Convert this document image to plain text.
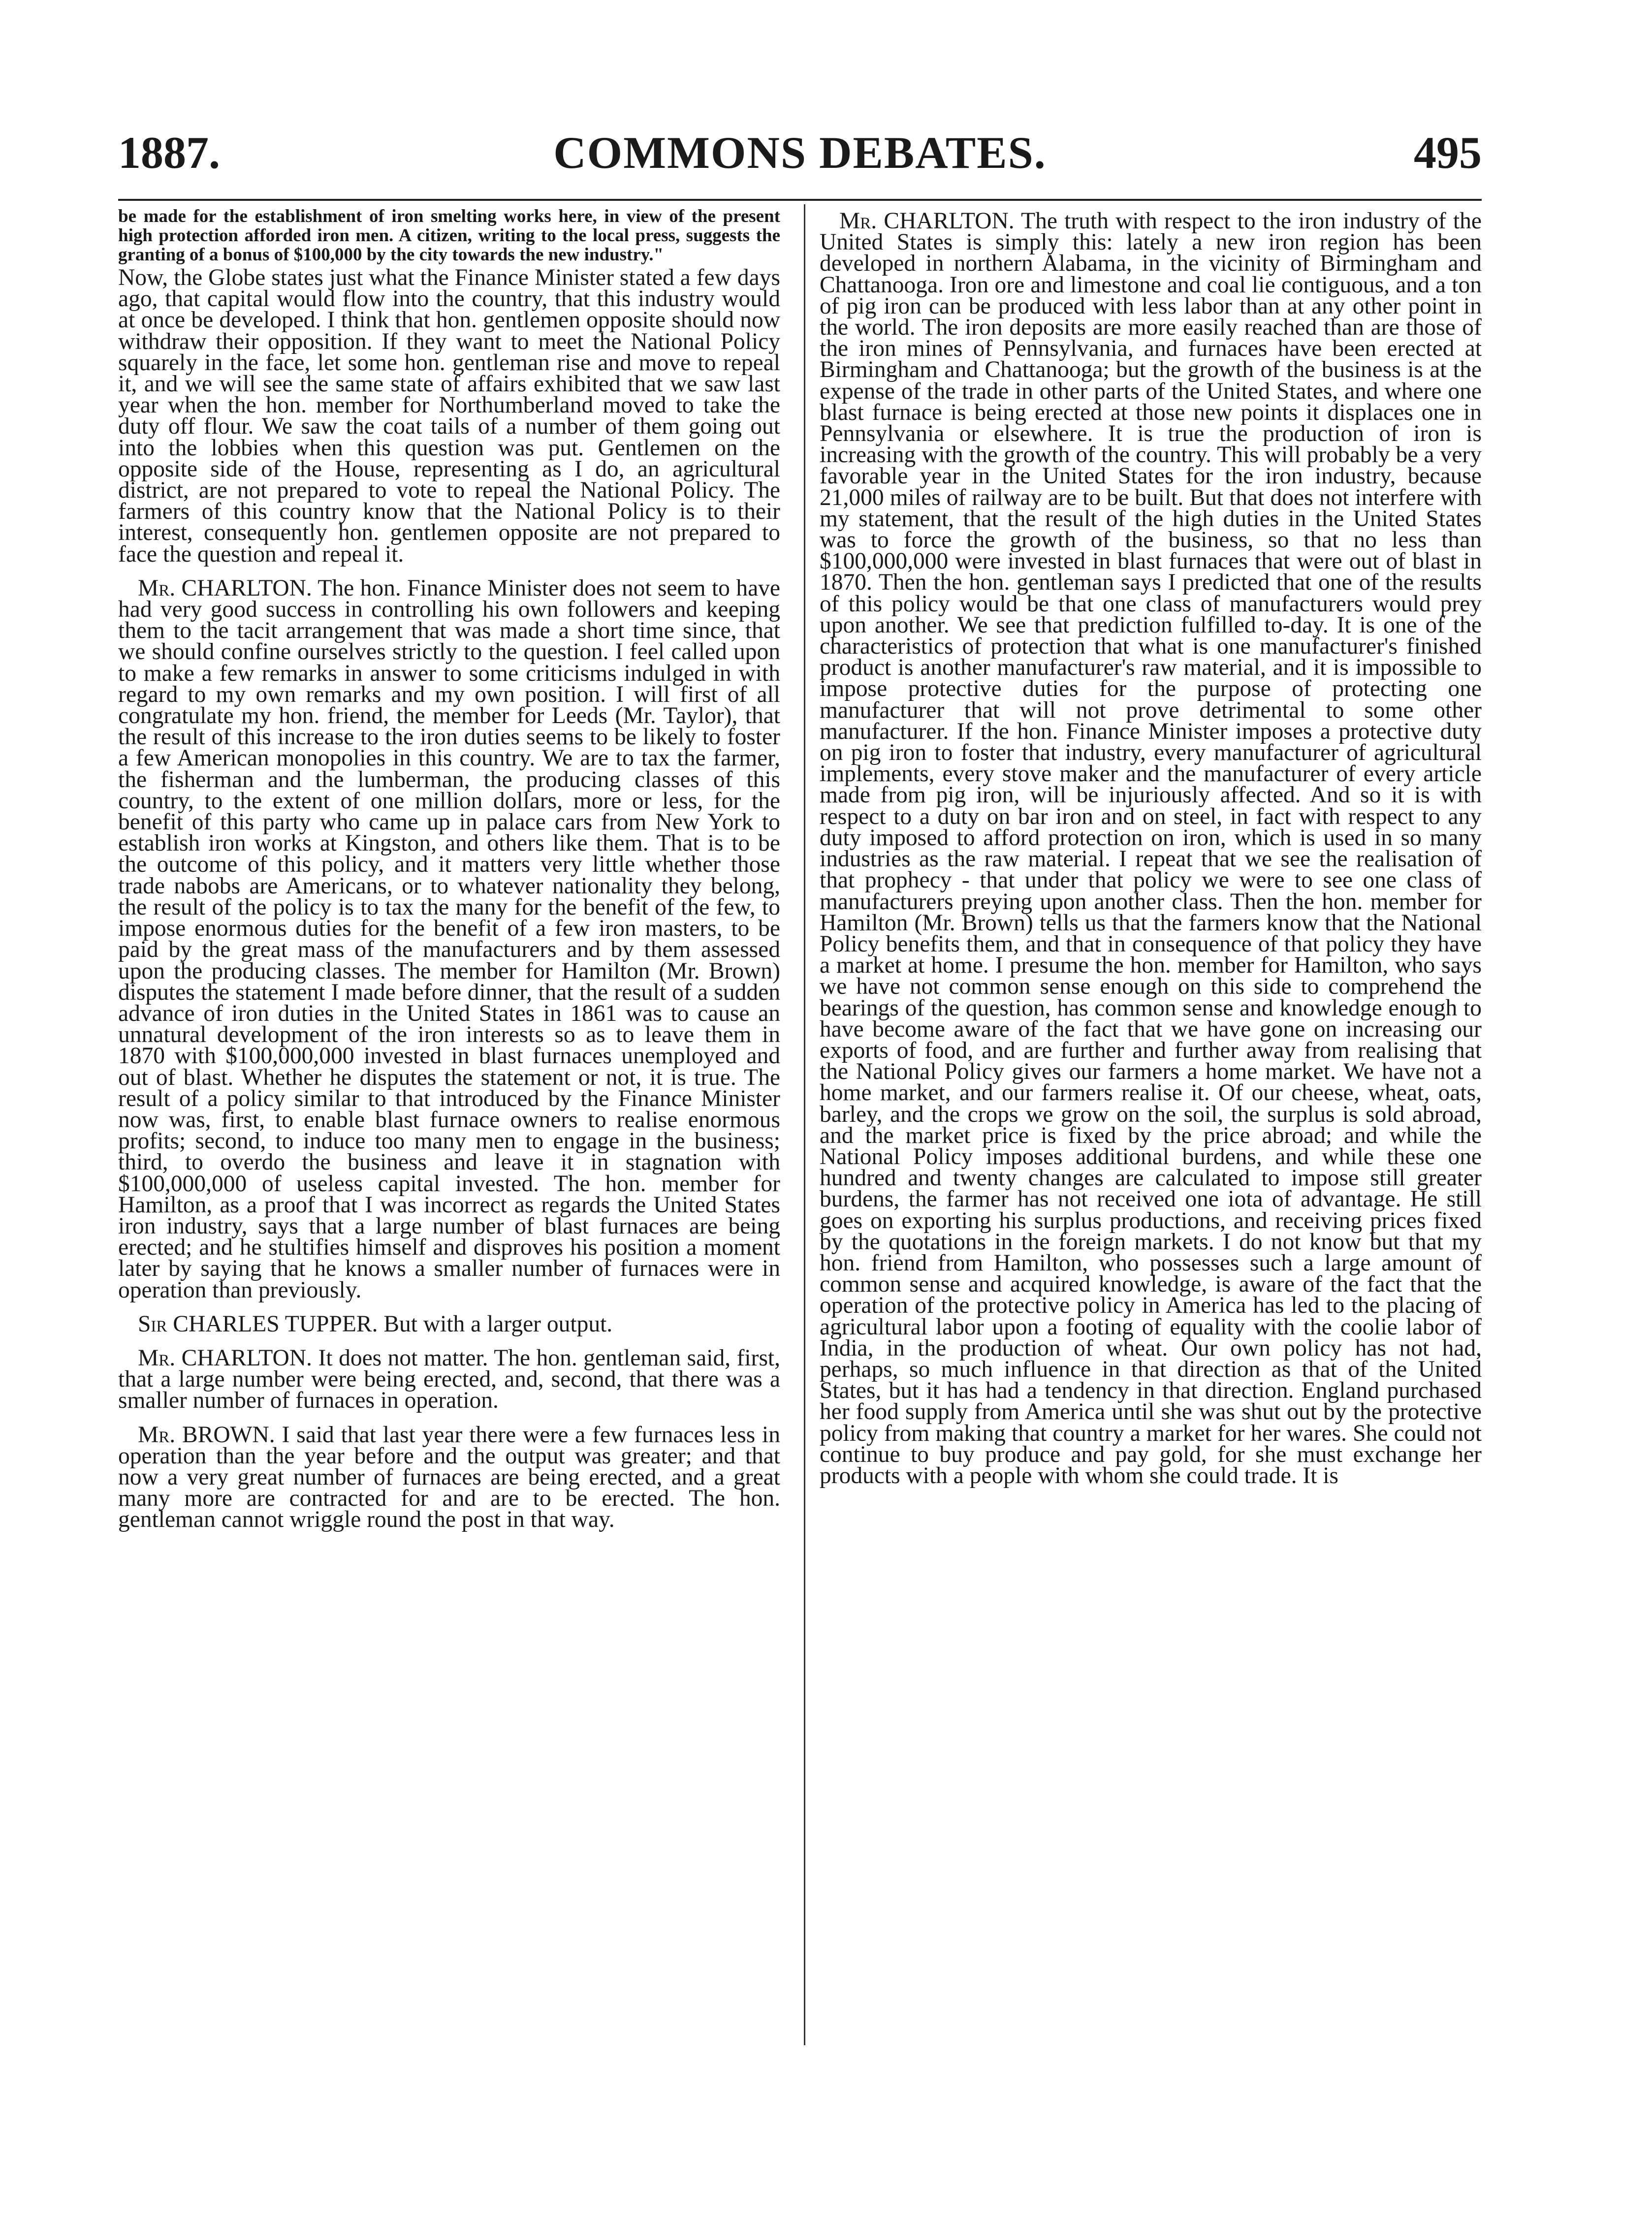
1887.	COMMONS DEBATES.	495

be made for the establishment of iron smelting works here, in view of the present high protection afforded iron men. A citizen, writing to the local press, suggests the granting of a bonus of $100,000 by the city towards the new industry."

Now, the Globe states just what the Finance Minister stated a few days ago, that capital would flow into the country, that this industry would at once be developed. I think that hon. gentlemen opposite should now withdraw their opposition. If they want to meet the National Policy squarely in the face, let some hon. gentleman rise and move to repeal it, and we will see the same state of affairs exhibited that we saw last year when the hon. member for Northumberland moved to take the duty off flour. We saw the coat tails of a number of them going out into the lobbies when this question was put. Gentlemen on the opposite side of the House, representing as I do, an agricultural district, are not prepared to vote to repeal the National Policy. The farmers of this country know that the National Policy is to their interest, consequently hon. gentlemen opposite are not prepared to face the question and repeal it.

Mr. CHARLTON. The hon. Finance Minister does not seem to have had very good success in controlling his own followers and keeping them to the tacit arrangement that was made a short time since, that we should confine ourselves strictly to the question. I feel called upon to make a few remarks in answer to some criticisms indulged in with regard to my own remarks and my own position. I will first of all congratulate my hon. friend, the member for Leeds (Mr. Taylor), that the result of this increase to the iron duties seems to be likely to foster a few American monopolies in this country. We are to tax the farmer, the fisherman and the lumberman, the producing classes of this country, to the extent of one million dollars, more or less, for the benefit of this party who came up in palace cars from New York to establish iron works at Kingston, and others like them. That is to be the outcome of this policy, and it matters very little whether those trade nabobs are Americans, or to whatever nationality they belong, the result of the policy is to tax the many for the benefit of the few, to impose enormous duties for the benefit of a few iron masters, to be paid by the great mass of the manufacturers and by them assessed upon the producing classes. The member for Hamilton (Mr. Brown) disputes the statement I made before dinner, that the result of a sudden advance of iron duties in the United States in 1861 was to cause an unnatural development of the iron interests so as to leave them in 1870 with $100,000,000 invested in blast furnaces unemployed and out of blast. Whether he disputes the statement or not, it is true. The result of a policy similar to that introduced by the Finance Minister now was, first, to enable blast furnace owners to realise enormous profits; second, to induce too many men to engage in the business; third, to overdo the business and leave it in stagnation with $100,000,000 of useless capital invested. The hon. member for Hamilton, as a proof that I was incorrect as regards the United States iron industry, says that a large number of blast furnaces are being erected; and he stultifies himself and disproves his position a moment later by saying that he knows a smaller number of furnaces were in operation than previously.

Sir CHARLES TUPPER. But with a larger output.

Mr. CHARLTON. It does not matter. The hon. gentleman said, first, that a large number were being erected, and, second, that there was a smaller number of furnaces in operation.

Mr. BROWN. I said that last year there were a few furnaces less in operation than the year before and the output was greater; and that now a very great number of furnaces are being erected, and a great many more are contracted for and are to be erected. The hon. gentleman cannot wriggle round the post in that way.

Mr. CHARLTON. The truth with respect to the iron industry of the United States is simply this: lately a new iron region has been developed in northern Alabama, in the vicinity of Birmingham and Chattanooga. Iron ore and limestone and coal lie contiguous, and a ton of pig iron can be produced with less labor than at any other point in the world. The iron deposits are more easily reached than are those of the iron mines of Pennsylvania, and furnaces have been erected at Birmingham and Chattanooga; but the growth of the business is at the expense of the trade in other parts of the United States, and where one blast furnace is being erected at those new points it displaces one in Pennsylvania or elsewhere. It is true the production of iron is increasing with the growth of the country. This will probably be a very favorable year in the United States for the iron industry, because 21,000 miles of railway are to be built. But that does not interfere with my statement, that the result of the high duties in the United States was to force the growth of the business, so that no less than $100,000,000 were invested in blast furnaces that were out of blast in 1870. Then the hon. gentleman says I predicted that one of the results of this policy would be that one class of manufacturers would prey upon another. We see that prediction fulfilled to-day. It is one of the characteristics of protection that what is one manufacturer's finished product is another manufacturer's raw material, and it is impossible to impose protective duties for the purpose of protecting one manufacturer that will not prove detrimental to some other manufacturer. If the hon. Finance Minister imposes a protective duty on pig iron to foster that industry, every manufacturer of agricultural implements, every stove maker and the manufacturer of every article made from pig iron, will be injuriously affected. And so it is with respect to a duty on bar iron and on steel, in fact with respect to any duty imposed to afford protection on iron, which is used in so many industries as the raw material. I repeat that we see the realisation of that prophecy - that under that policy we were to see one class of manufacturers preying upon another class. Then the hon. member for Hamilton (Mr. Brown) tells us that the farmers know that the National Policy benefits them, and that in consequence of that policy they have a market at home. I presume the hon. member for Hamilton, who says we have not common sense enough on this side to comprehend the bearings of the question, has common sense and knowledge enough to have become aware of the fact that we have gone on increasing our exports of food, and are further and further away from realising that the National Policy gives our farmers a home market. We have not a home market, and our farmers realise it. Of our cheese, wheat, oats, barley, and the crops we grow on the soil, the surplus is sold abroad, and the market price is fixed by the price abroad; and while the National Policy imposes additional burdens, and while these one hundred and twenty changes are calculated to impose still greater burdens, the farmer has not received one iota of advantage. He still goes on exporting his surplus productions, and receiving prices fixed by the quotations in the foreign markets. I do not know but that my hon. friend from Hamilton, who possesses such a large amount of common sense and acquired knowledge, is aware of the fact that the operation of the protective policy in America has led to the placing of agricultural labor upon a footing of equality with the coolie labor of India, in the production of wheat. Our own policy has not had, perhaps, so much influence in that direction as that of the United States, but it has had a tendency in that direction. England purchased her food supply from America until she was shut out by the protective policy from making that country a market for her wares. She could not continue to buy produce and pay gold, for she must exchange her products with a people with whom she could trade. It is
